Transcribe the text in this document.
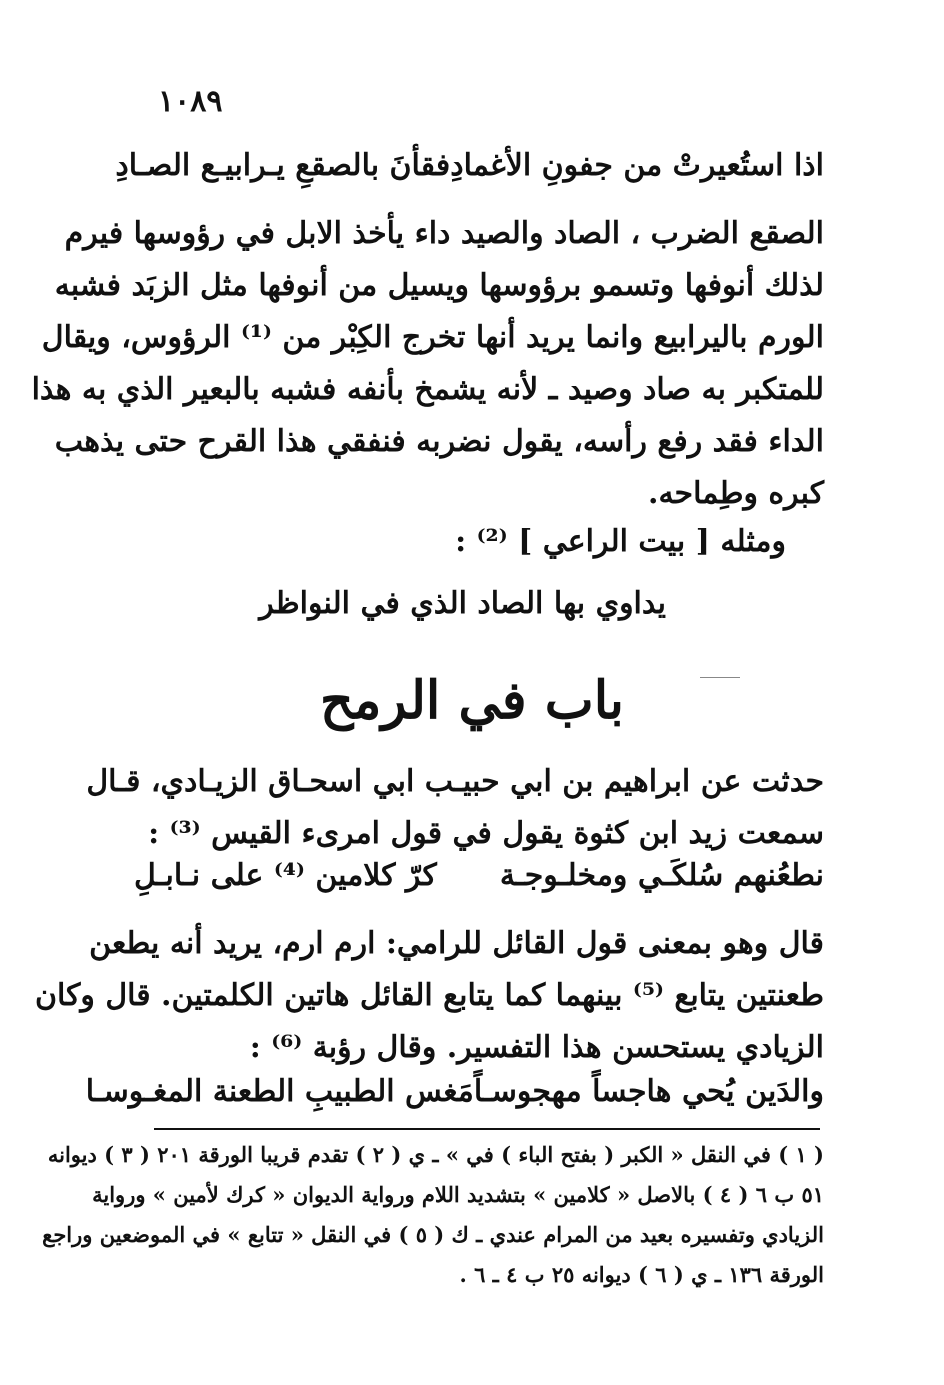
١٠٨٩
اذا استُعيرتْ من جفونِ الأغمادِ
فقأنَ بالصقعِ يـرابيـع الصـادِ
الصقع الضرب ، الصاد والصيد داء يأخذ الابل في رؤوسها فيرم
لذلك أنوفها وتسمو برؤوسها ويسيل من أنوفها مثل الزبَد فشبه
الورم باليرابيع وانما يريد أنها تخرج الكِبْر من ⁽¹⁾ الرؤوس، ويقال
للمتكبر به صاد وصيد ـ لأنه يشمخ بأنفه فشبه بالبعير الذي به هذا
الداء فقد رفع رأسه، يقول نضربه فنفقي هذا القرح حتى يذهب
كبره وطِماحه.
ومثله [ بيت الراعي ] ⁽²⁾ :
يداوي بها الصاد الذي في النواظر
باب في الرمح
حدثت عن ابراهيم بن ابي حبيـب ابي اسحـاق الزيـادي، قـال
سمعت زيد ابن كثوة يقول في قول امرىء القيس ⁽³⁾ :
نطعُنهم سُلكَـي ومخلـوجـة
كرّ كلامين ⁽⁴⁾ على نـابـلِ
قال وهو بمعنى قول القائل للرامي: ارم ارم، يريد أنه يطعن
طعنتين يتابع ⁽⁵⁾ بينهما كما يتابع القائل هاتين الكلمتين. قال وكان
الزيادي يستحسن هذا التفسير. وقال رؤبة ⁽⁶⁾ :
والدَين يُحي هاجساً مهجوسـاً
مَغس الطبيبِ الطعنة المغـوسـا
( ١ ) في النقل « الكبر ( بفتح الباء ) في » ـ ي ( ٢ ) تقدم قريبا الورقة ٢٠١ ( ٣ ) ديوانه
٥١ ب ٦ ( ٤ ) بالاصل « كلامين » بتشديد اللام ورواية الديوان « كرك لأمين » ورواية
الزيادي وتفسيره بعيد من المرام عندي ـ ك ( ٥ ) في النقل « تتابع » في الموضعين وراجع
الورقة ١٣٦ ـ ي ( ٦ ) ديوانه ٢٥ ب ٤ ـ ٦ .
